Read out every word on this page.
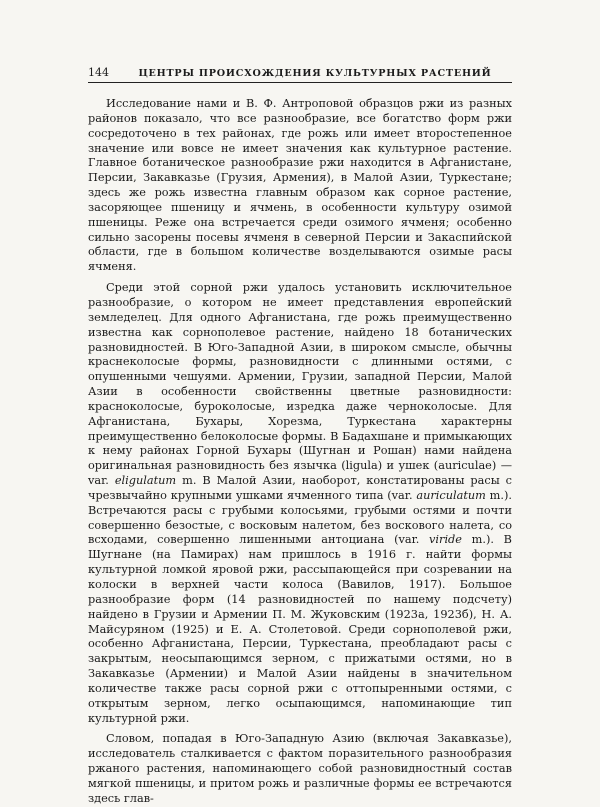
144	ЦЕНТРЫ ПРОИСХОЖДЕНИЯ КУЛЬТУРНЫХ РАСТЕНИЙ

Исследование нами и В. Ф. Антроповой образцов ржи из разных районов показало, что все разнообразие, все богатство форм ржи сосредоточено в тех районах, где рожь или имеет второстепенное значение или вовсе не имеет значения как культурное растение. Главное ботаническое разнообразие ржи находится в Афганистане, Персии, Закавказье (Грузия, Армения), в Малой Азии, Туркестане; здесь же рожь известна главным образом как сорное растение, засоряющее пшеницу и ячмень, в особенности культуру озимой пшеницы. Реже она встречается среди озимого ячменя; особенно сильно засорены посевы ячменя в северной Персии и Закаспийской области, где в большом количестве возделываются озимые расы ячменя.

Среди этой сорной ржи удалось установить исключительное разнообразие, о котором не имеет представления европейский земледелец. Для одного Афганистана, где рожь преимущественно известна как сорнополевое растение, найдено 18 ботанических разновидностей. В Юго-Западной Азии, в широком смысле, обычны краснеколосые формы, разновидности с длинными остями, с опушенными чешуями. Армении, Грузии, западной Персии, Малой Азии в особенности свойственны цветные разновидности: красноколосые, буроколосые, изредка даже черноколосые. Для Афганистана, Бухары, Хорезма, Туркестана характерны преимущественно белоколосые формы. В Бадахшане и примыкающих к нему районах Горной Бухары (Шугнан и Рошан) нами найдена оригинальная разновидность без язычка (ligula) и ушек (auriculae) — var. eligulatum m. В Малой Азии, наоборот, констатированы расы с чрезвычайно крупными ушками ячменного типа (var. auriculatum m.). Встречаются расы с грубыми колосьями, грубыми остями и почти совершенно безостые, с восковым налетом, без воскового налета, со всходами, совершенно лишенными антоциана (var. viride m.). В Шугнане (на Памирах) нам пришлось в 1916 г. найти формы культурной ломкой яровой ржи, рассыпающейся при созревании на колоски в верхней части колоса (Вавилов, 1917). Большое разнообразие форм (14 разновидностей по нашему подсчету) найдено в Грузии и Армении П. М. Жуковским (1923а, 1923б), Н. А. Майсуряном (1925) и Е. А. Столетовой. Среди сорнополевой ржи, особенно Афганистана, Персии, Туркестана, преобладают расы с закрытым, неосыпающимся зерном, с прижатыми остями, но в Закавказье (Армении) и Малой Азии найдены в значительном количестве также расы сорной ржи с оттопыренными остями, с открытым зерном, легко осыпающимся, напоминающие тип культурной ржи.

Словом, попадая в Юго-Западную Азию (включая Закавказье), исследователь сталкивается с фактом поразительного разнообразия ржаного растения, напоминающего собой разновидностный состав мягкой пшеницы, и притом рожь и различные формы ее встречаются здесь глав-
